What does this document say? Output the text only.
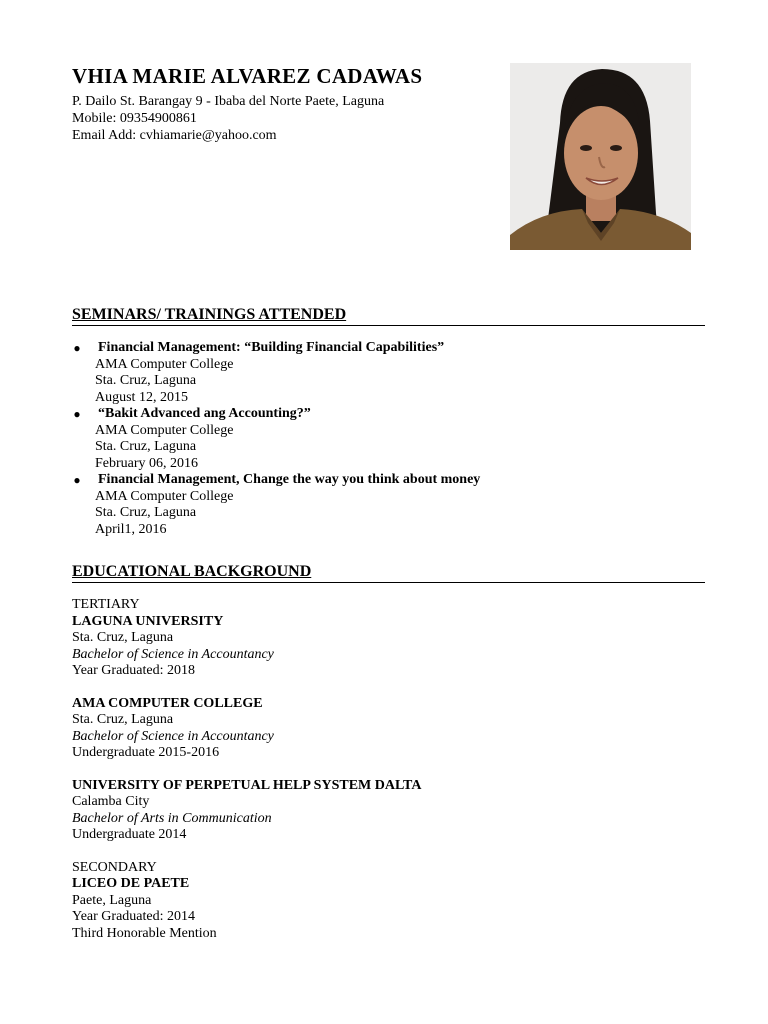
VHIA MARIE ALVAREZ CADAWAS
P. Dailo St. Barangay 9 - Ibaba del Norte Paete, Laguna
Mobile: 09354900861
Email Add: cvhiamarie@yahoo.com
SEMINARS/ TRAININGS ATTENDED
● Financial Management: “Building Financial Capabilities”
AMA Computer College
Sta. Cruz, Laguna
August 12, 2015
● “Bakit Advanced ang Accounting?”
AMA Computer College
Sta. Cruz, Laguna
February 06, 2016
● Financial Management, Change the way you think about money
AMA Computer College
Sta. Cruz, Laguna
April1, 2016
EDUCATIONAL BACKGROUND
TERTIARY
LAGUNA UNIVERSITY
Sta. Cruz, Laguna
Bachelor of Science in Accountancy
Year Graduated: 2018
AMA COMPUTER COLLEGE
Sta. Cruz, Laguna
Bachelor of Science in Accountancy
Undergraduate 2015-2016
UNIVERSITY OF PERPETUAL HELP SYSTEM DALTA
Calamba City
Bachelor of Arts in Communication
Undergraduate 2014
SECONDARY
LICEO DE PAETE
Paete, Laguna
Year Graduated: 2014
Third Honorable Mention
